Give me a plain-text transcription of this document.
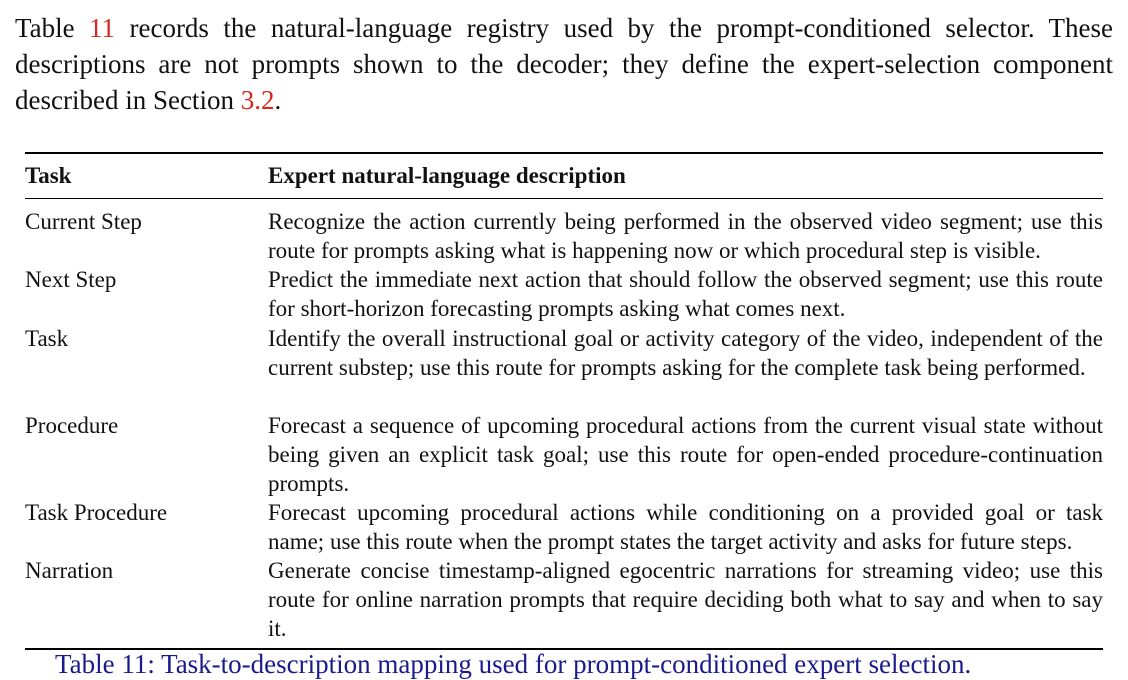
Table 11 records the natural-language registry used by the prompt-conditioned selector. These descriptions are not prompts shown to the decoder; they define the expert-selection component described in Section 3.2.

Task	Expert natural-language description
Current Step	Recognize the action currently being performed in the observed video segment; use this route for prompts asking what is happening now or which procedural step is visible.

Next Step	Predict the immediate next action that should follow the observed segment; use this route for short-horizon forecasting prompts asking what comes next.

Task	Identify the overall instructional goal or activity category of the video, independent of the current substep; use this route for prompts asking for the complete task being performed.

Procedure	Forecast a sequence of upcoming procedural actions from the current visual state without being given an explicit task goal; use this route for open-ended procedure-continuation prompts.

Task Procedure	Forecast upcoming procedural actions while conditioning on a provided goal or task name; use this route when the prompt states the target activity and asks for future steps.

Narration	Generate concise timestamp-aligned egocentric narrations for streaming video; use this route for online narration prompts that require deciding both what to say and when to say it.

Table 11: Task-to-description mapping used for prompt-conditioned expert selection.
